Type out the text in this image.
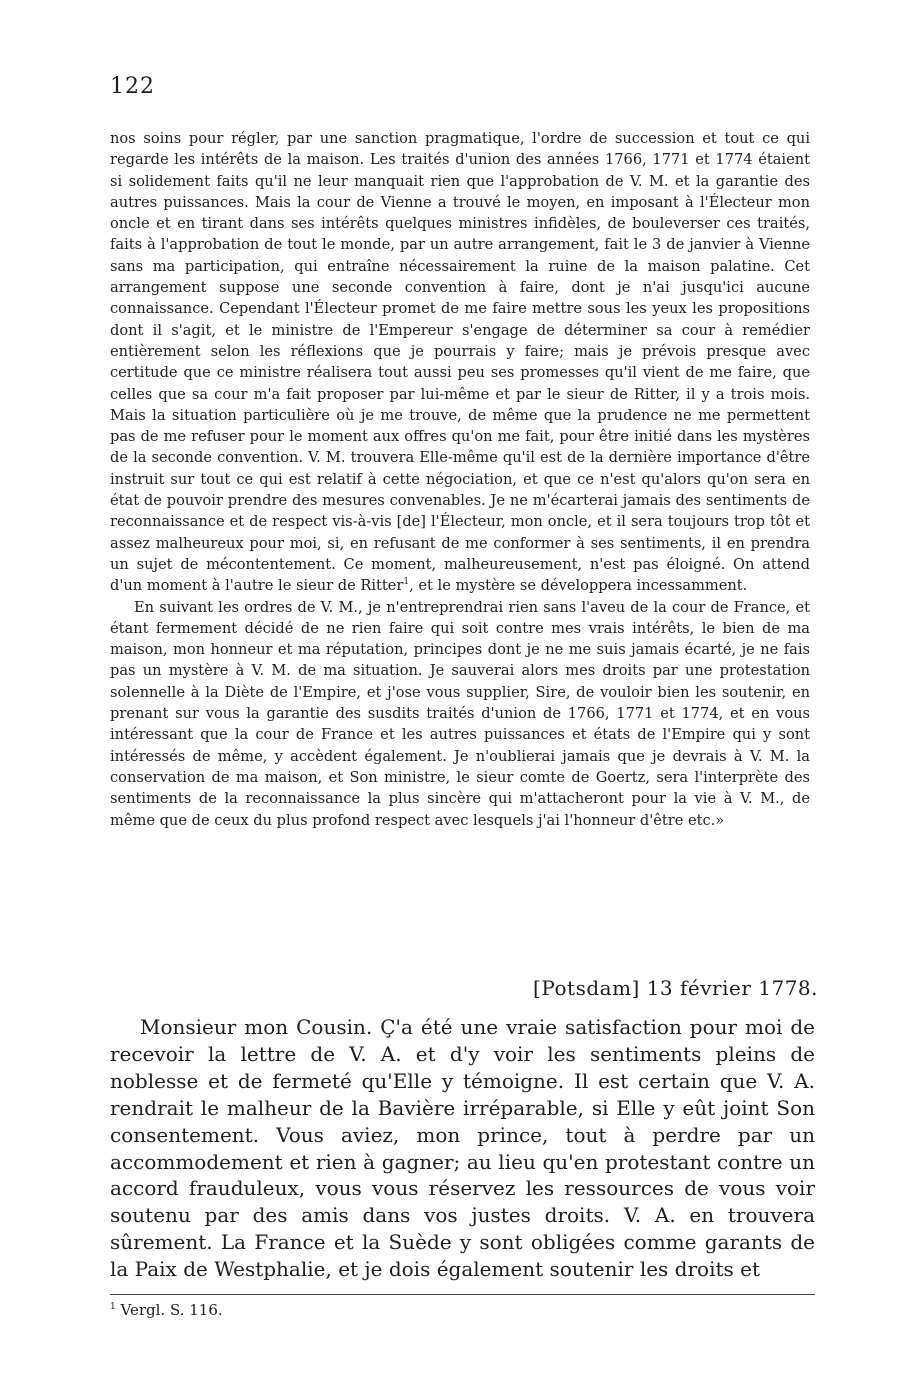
122

nos soins pour régler, par une sanction pragmatique, l'ordre de succession et tout ce qui regarde les intérêts de la maison. Les traités d'union des années 1766, 1771 et 1774 étaient si solidement faits qu'il ne leur manquait rien que l'approbation de V. M. et la garantie des autres puissances. Mais la cour de Vienne a trouvé le moyen, en imposant à l'Électeur mon oncle et en tirant dans ses intérêts quelques ministres infidèles, de bouleverser ces traités, faits à l'approbation de tout le monde, par un autre arrangement, fait le 3 de janvier à Vienne sans ma participation, qui entraîne nécessairement la ruine de la maison palatine. Cet arrangement suppose une seconde convention à faire, dont je n'ai jusqu'ici aucune connaissance. Cependant l'Électeur promet de me faire mettre sous les yeux les propositions dont il s'agit, et le ministre de l'Empereur s'engage de déterminer sa cour à remédier entièrement selon les réflexions que je pourrais y faire; mais je prévois presque avec certitude que ce ministre réalisera tout aussi peu ses promesses qu'il vient de me faire, que celles que sa cour m'a fait proposer par lui-même et par le sieur de Ritter, il y a trois mois. Mais la situation particulière où je me trouve, de même que la prudence ne me permettent pas de me refuser pour le moment aux offres qu'on me fait, pour être initié dans les mystères de la seconde convention. V. M. trouvera Elle-même qu'il est de la dernière importance d'être instruit sur tout ce qui est relatif à cette négociation, et que ce n'est qu'alors qu'on sera en état de pouvoir prendre des mesures convenables. Je ne m'écarterai jamais des sentiments de reconnaissance et de respect vis-à-vis [de] l'Électeur, mon oncle, et il sera toujours trop tôt et assez malheureux pour moi, si, en refusant de me conformer à ses sentiments, il en prendra un sujet de mécontentement. Ce moment, malheureusement, n'est pas éloigné. On attend d'un moment à l'autre le sieur de Ritter$^1$, et le mystère se développera incessamment.

En suivant les ordres de V. M., je n'entreprendrai rien sans l'aveu de la cour de France, et étant fermement décidé de ne rien faire qui soit contre mes vrais intérêts, le bien de ma maison, mon honneur et ma réputation, principes dont je ne me suis jamais écarté, je ne fais pas un mystère à V. M. de ma situation. Je sauverai alors mes droits par une protestation solennelle à la Diète de l'Empire, et j'ose vous supplier, Sire, de vouloir bien les soutenir, en prenant sur vous la garantie des susdits traités d'union de 1766, 1771 et 1774, et en vous intéressant que la cour de France et les autres puissances et états de l'Empire qui y sont intéressés de même, y accèdent également. Je n'oublierai jamais que je devrais à V. M. la conservation de ma maison, et Son ministre, le sieur comte de Goertz, sera l'interprète des sentiments de la reconnaissance la plus sincère qui m'attacheront pour la vie à V. M., de même que de ceux du plus profond respect avec lesquels j'ai l'honneur d'être etc.»

[Potsdam] 13 février 1778.

Monsieur mon Cousin. Ç'a été une vraie satisfaction pour moi de recevoir la lettre de V. A. et d'y voir les sentiments pleins de noblesse et de fermeté qu'Elle y témoigne. Il est certain que V. A. rendrait le malheur de la Bavière irréparable, si Elle y eût joint Son consentement. Vous aviez, mon prince, tout à perdre par un accommodement et rien à gagner; au lieu qu'en protestant contre un accord frauduleux, vous vous réservez les ressources de vous voir soutenu par des amis dans vos justes droits. V. A. en trouvera sûrement. La France et la Suède y sont obligées comme garants de la Paix de Westphalie, et je dois également soutenir les droits et

$^1$ Vergl. S. 116.
